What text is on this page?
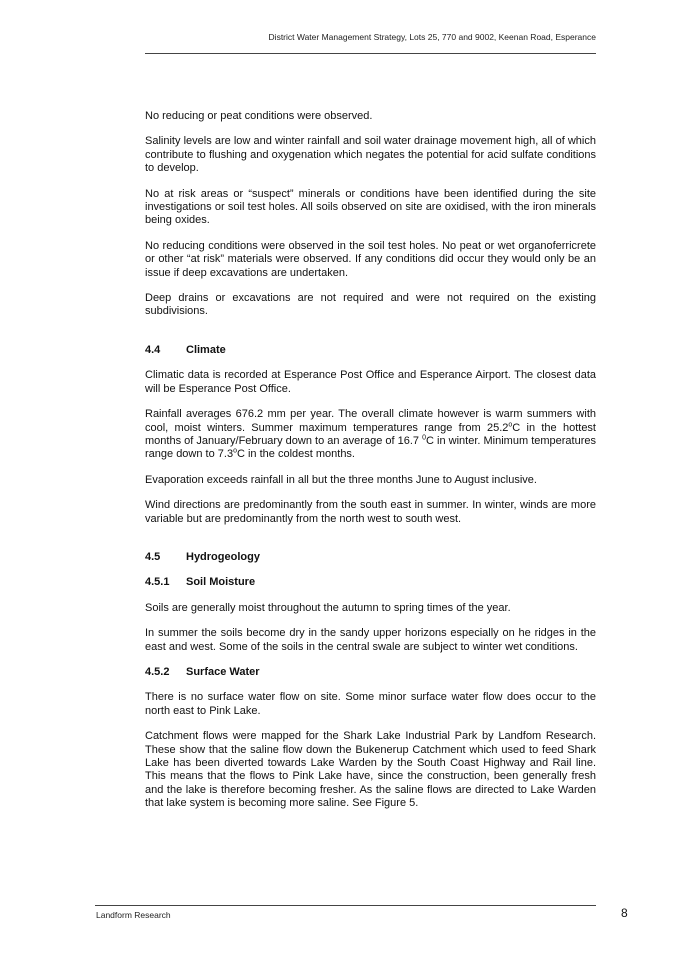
District Water Management Strategy, Lots 25, 770 and 9002, Keenan Road, Esperance

No reducing or peat conditions were observed.

Salinity levels are low and winter rainfall and soil water drainage movement high, all of which contribute to flushing and oxygenation which negates the potential for acid sulfate conditions to develop.

No at risk areas or “suspect” minerals or conditions have been identified during the site investigations or soil test holes. All soils observed on site are oxidised, with the iron minerals being oxides.

No reducing conditions were observed in the soil test holes. No peat or wet organoferricrete or other “at risk” materials were observed. If any conditions did occur they would only be an issue if deep excavations are undertaken.

Deep drains or excavations are not required and were not required on the existing subdivisions.

4.4	Climate

Climatic data is recorded at Esperance Post Office and Esperance Airport. The closest data will be Esperance Post Office.

Rainfall averages 676.2 mm per year. The overall climate however is warm summers with cool, moist winters. Summer maximum temperatures range from 25.2$^o$C in the hottest months of January/February down to an average of 16.7 $^0$C in winter. Minimum temperatures range down to 7.3$^o$C in the coldest months.

Evaporation exceeds rainfall in all but the three months June to August inclusive.

Wind directions are predominantly from the south east in summer. In winter, winds are more variable but are predominantly from the north west to south west.

4.5	Hydrogeology
4.5.1	Soil Moisture

Soils are generally moist throughout the autumn to spring times of the year.

In summer the soils become dry in the sandy upper horizons especially on he ridges in the east and west. Some of the soils in the central swale are subject to winter wet conditions.

4.5.2	Surface Water

There is no surface water flow on site. Some minor surface water flow does occur to the north east to Pink Lake.

Catchment flows were mapped for the Shark Lake Industrial Park by Landfom Research. These show that the saline flow down the Bukenerup Catchment which used to feed Shark Lake has been diverted towards Lake Warden by the South Coast Highway and Rail line. This means that the flows to Pink Lake have, since the construction, been generally fresh and the lake is therefore becoming fresher. As the saline flows are directed to Lake Warden that lake system is becoming more saline. See Figure 5.

Landform Research	8
